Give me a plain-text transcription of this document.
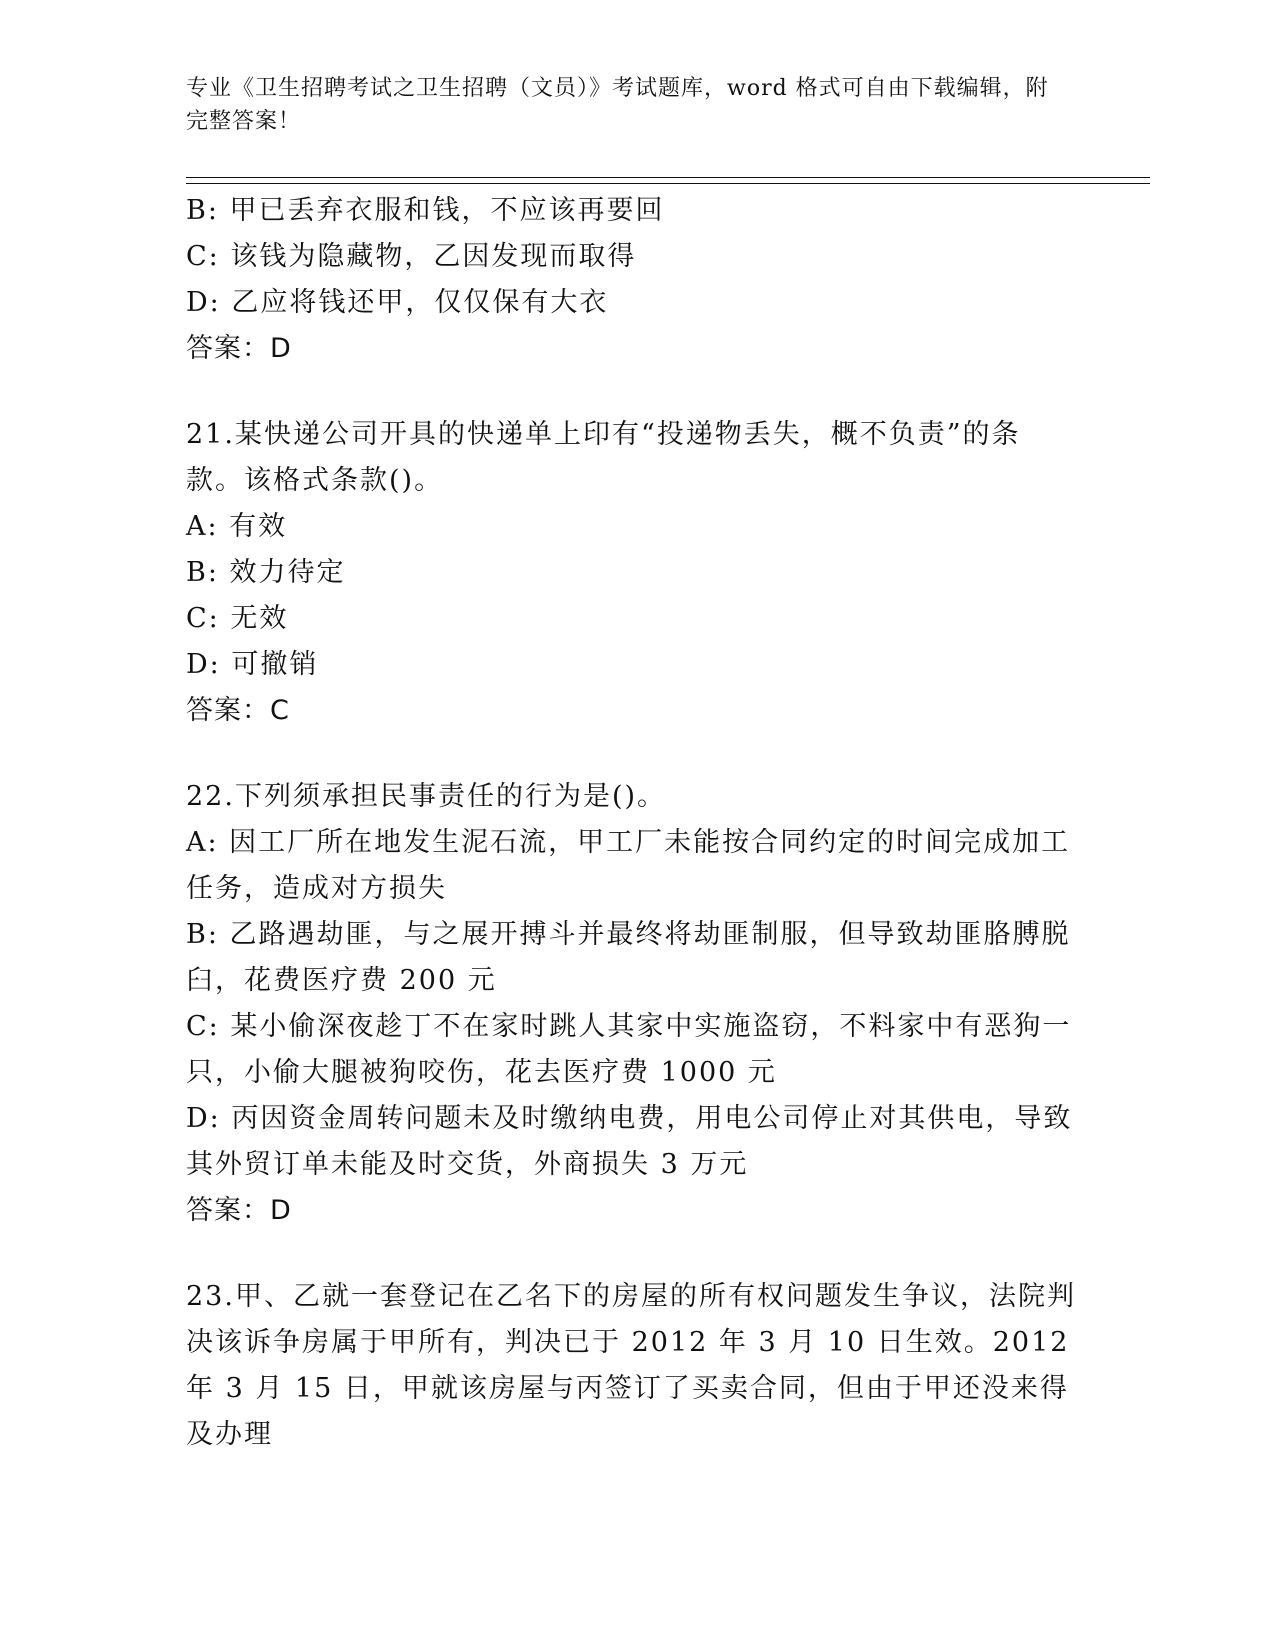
专业《卫生招聘考试之卫生招聘（文员）》考试题库，word 格式可自由下载编辑，附完整答案！
B: 甲已丢弃衣服和钱，不应该再要回
C: 该钱为隐藏物，乙因发现而取得
D: 乙应将钱还甲，仅仅保有大衣
答案：D
21.某快递公司开具的快递单上印有“投递物丢失，概不负责”的条款。该格式条款()。
A: 有效
B: 效力待定
C: 无效
D: 可撤销
答案：C
22.下列须承担民事责任的行为是()。
A: 因工厂所在地发生泥石流，甲工厂未能按合同约定的时间完成加工任务，造成对方损失
B: 乙路遇劫匪，与之展开搏斗并最终将劫匪制服，但导致劫匪胳膊脱臼，花费医疗费 200 元
C: 某小偷深夜趁丁不在家时跳人其家中实施盗窃，不料家中有恶狗一只，小偷大腿被狗咬伤，花去医疗费 1000 元
D: 丙因资金周转问题未及时缴纳电费，用电公司停止对其供电，导致其外贸订单未能及时交货，外商损失 3 万元
答案：D
23.甲、乙就一套登记在乙名下的房屋的所有权问题发生争议，法院判决该诉争房属于甲所有，判决已于 2012 年 3 月 10 日生效。2012 年 3 月 15 日，甲就该房屋与丙签订了买卖合同，但由于甲还没来得及办理
